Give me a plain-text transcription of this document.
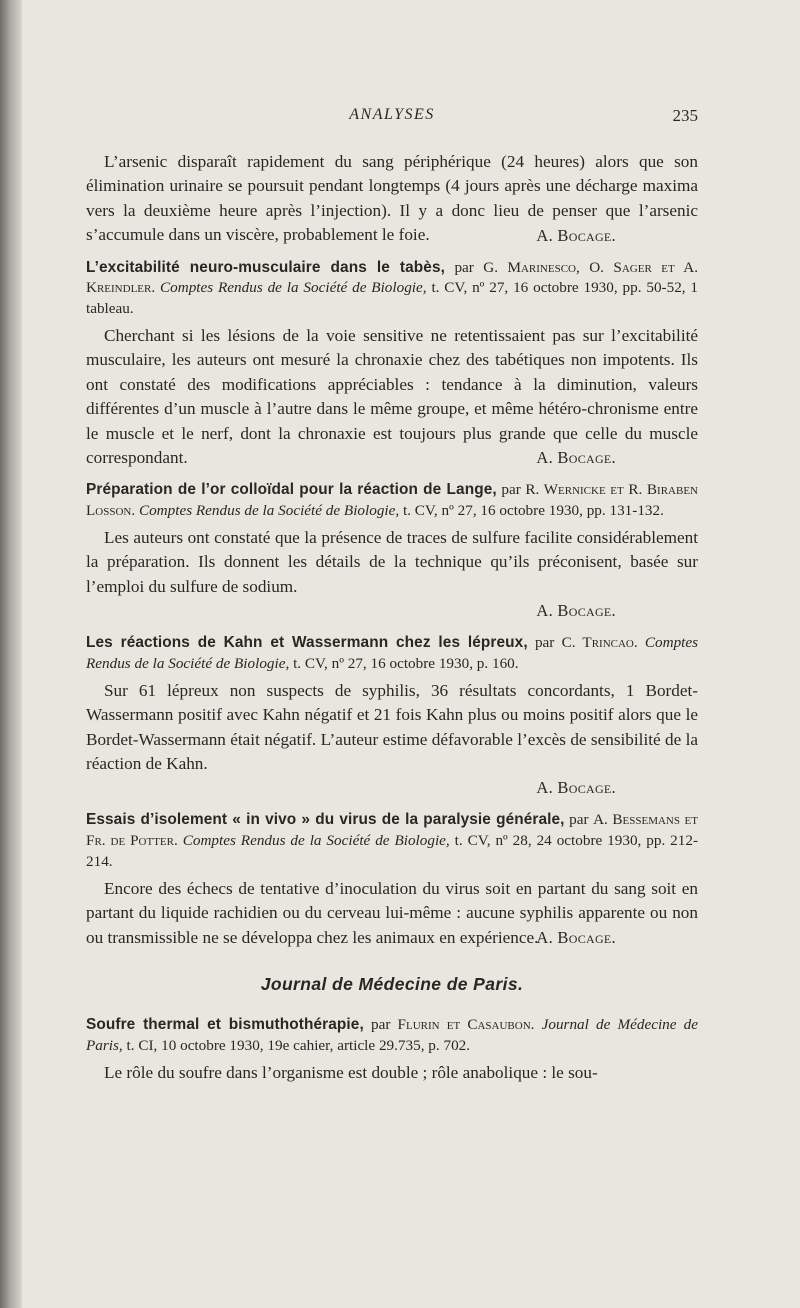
ANALYSES	235

L’arsenic disparaît rapidement du sang périphérique (24 heures) alors que son élimination urinaire se poursuit pendant longtemps (4 jours après une décharge maxima vers la deuxième heure après l’injection). Il y a donc lieu de penser que l’arsenic s’accumule dans un viscère, probablement le foie.	A. Bocage.

L’excitabilité neuro-musculaire dans le tabès, par G. Marinesco, O. Sager et A. Kreindler. Comptes Rendus de la Société de Biologie, t. CV, nº 27, 16 octobre 1930, pp. 50-52, 1 tableau.

Cherchant si les lésions de la voie sensitive ne retentissaient pas sur l’excitabilité musculaire, les auteurs ont mesuré la chronaxie chez des tabétiques non impotents. Ils ont constaté des modifications appréciables : tendance à la diminution, valeurs différentes d’un muscle à l’autre dans le même groupe, et même hétéro-chronisme entre le muscle et le nerf, dont la chronaxie est toujours plus grande que celle du muscle correspondant.	A. Bocage.

Préparation de l’or colloïdal pour la réaction de Lange, par R. Wernicke et R. Biraben Losson. Comptes Rendus de la Société de Biologie, t. CV, nº 27, 16 octobre 1930, pp. 131-132.

Les auteurs ont constaté que la présence de traces de sulfure facilite considérablement la préparation. Ils donnent les détails de la technique qu’ils préconisent, basée sur l’emploi du sulfure de sodium.

A. Bocage.

Les réactions de Kahn et Wassermann chez les lépreux, par C. Trincao. Comptes Rendus de la Société de Biologie, t. CV, nº 27, 16 octobre 1930, p. 160.

Sur 61 lépreux non suspects de syphilis, 36 résultats concordants, 1 Bordet-Wassermann positif avec Kahn négatif et 21 fois Kahn plus ou moins positif alors que le Bordet-Wassermann était négatif. L’auteur estime défavorable l’excès de sensibilité de la réaction de Kahn.

A. Bocage.

Essais d’isolement « in vivo » du virus de la paralysie générale, par A. Bessemans et Fr. de Potter. Comptes Rendus de la Société de Biologie, t. CV, nº 28, 24 octobre 1930, pp. 212-214.

Encore des échecs de tentative d’inoculation du virus soit en partant du sang soit en partant du liquide rachidien ou du cerveau lui-même : aucune syphilis apparente ou non ou transmissible ne se développa chez les animaux en expérience.

A. Bocage.

Journal de Médecine de Paris.

Soufre thermal et bismuthothérapie, par Flurin et Casaubon. Journal de Médecine de Paris, t. CI, 10 octobre 1930, 19e cahier, article 29.735, p. 702.

Le rôle du soufre dans l’organisme est double ; rôle anabolique : le sou-
